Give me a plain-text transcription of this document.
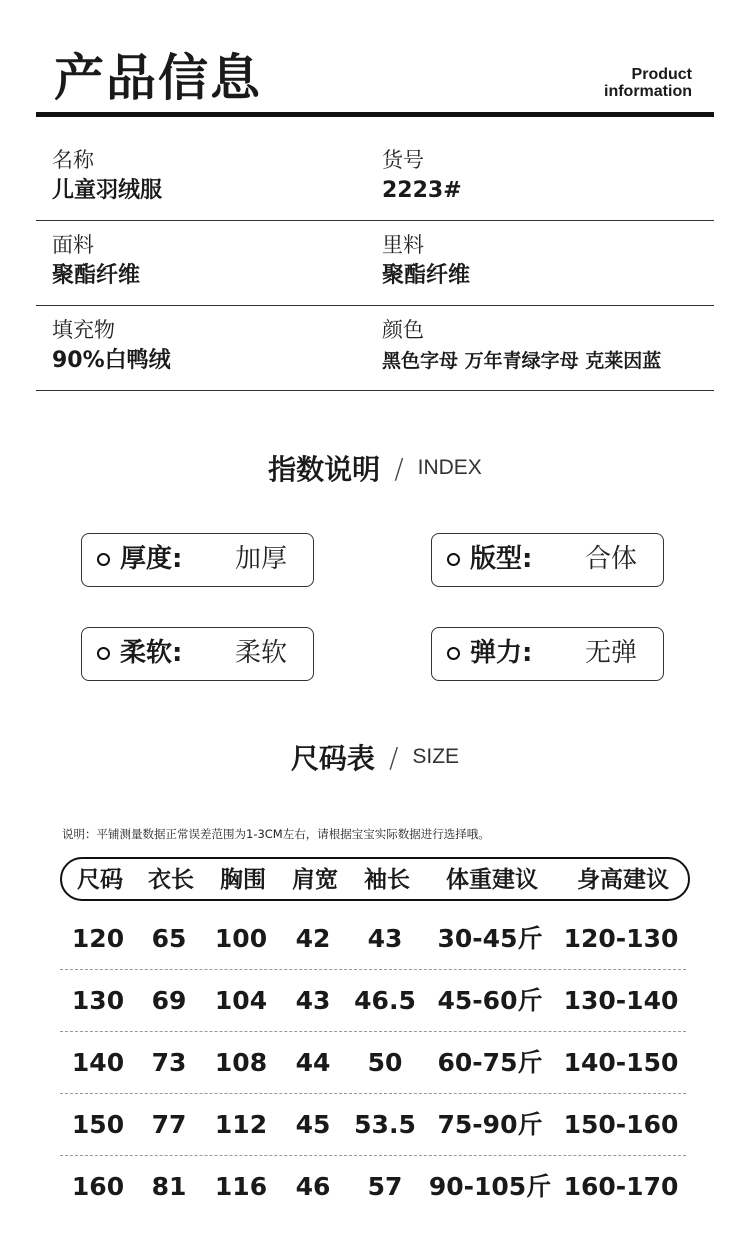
产品信息	Product
information
名称
儿童羽绒服
货号
2223#
面料
聚酯纤维
里料
聚酯纤维
填充物
90%白鸭绒
颜色
黑色字母 万年青绿字母 克莱因蓝
指数说明 / INDEX
厚度: 加厚	版型: 合体
柔软: 柔软	弹力: 无弹
尺码表 / SIZE
说明：平铺测量数据正常误差范围为1-3CM左右，请根据宝宝实际数据进行选择哦。
尺码 衣长 胸围 肩宽 袖长 体重建议 身高建议
120 65 100 42 43 30-45斤 120-130
130 69 104 43 46.5 45-60斤 130-140
140 73 108 44 50 60-75斤 140-150
150 77 112 45 53.5 75-90斤 150-160
160 81 116 46 57 90-105斤 160-170
